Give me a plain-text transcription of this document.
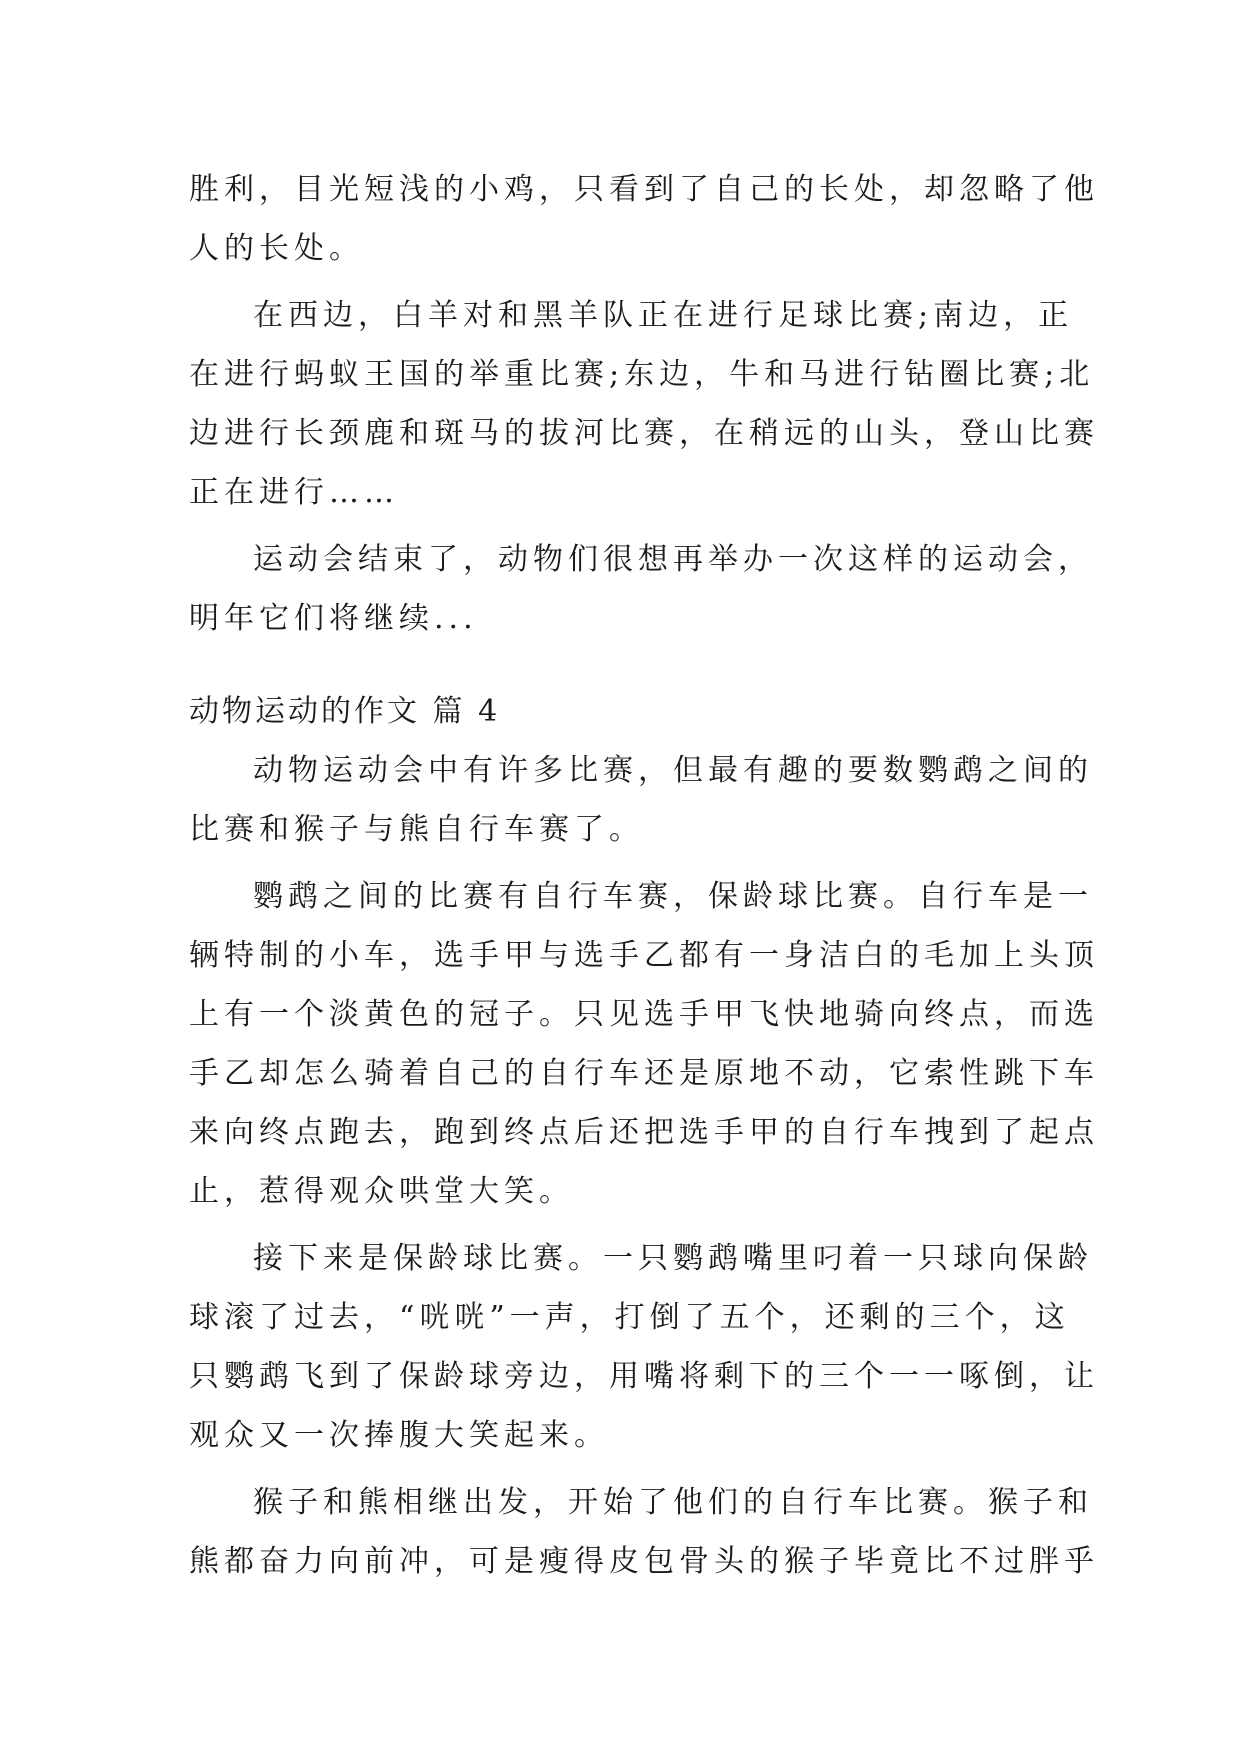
胜利，目光短浅的小鸡，只看到了自己的长处，却忽略了他
人的长处。
在西边，白羊对和黑羊队正在进行足球比赛;南边，正
在进行蚂蚁王国的举重比赛;东边，牛和马进行钻圈比赛;北
边进行长颈鹿和斑马的拔河比赛，在稍远的山头，登山比赛
正在进行……
运动会结束了，动物们很想再举办一次这样的运动会，
明年它们将继续...
动物运动的作文 篇 4
动物运动会中有许多比赛，但最有趣的要数鹦鹉之间的
比赛和猴子与熊自行车赛了。
鹦鹉之间的比赛有自行车赛，保龄球比赛。自行车是一
辆特制的小车，选手甲与选手乙都有一身洁白的毛加上头顶
上有一个淡黄色的冠子。只见选手甲飞快地骑向终点，而选
手乙却怎么骑着自己的自行车还是原地不动，它索性跳下车
来向终点跑去，跑到终点后还把选手甲的自行车拽到了起点
止，惹得观众哄堂大笑。
接下来是保龄球比赛。一只鹦鹉嘴里叼着一只球向保龄
球滚了过去，“咣咣”一声，打倒了五个，还剩的三个，这
只鹦鹉飞到了保龄球旁边，用嘴将剩下的三个一一啄倒，让
观众又一次捧腹大笑起来。
猴子和熊相继出发，开始了他们的自行车比赛。猴子和
熊都奋力向前冲，可是瘦得皮包骨头的猴子毕竟比不过胖乎
